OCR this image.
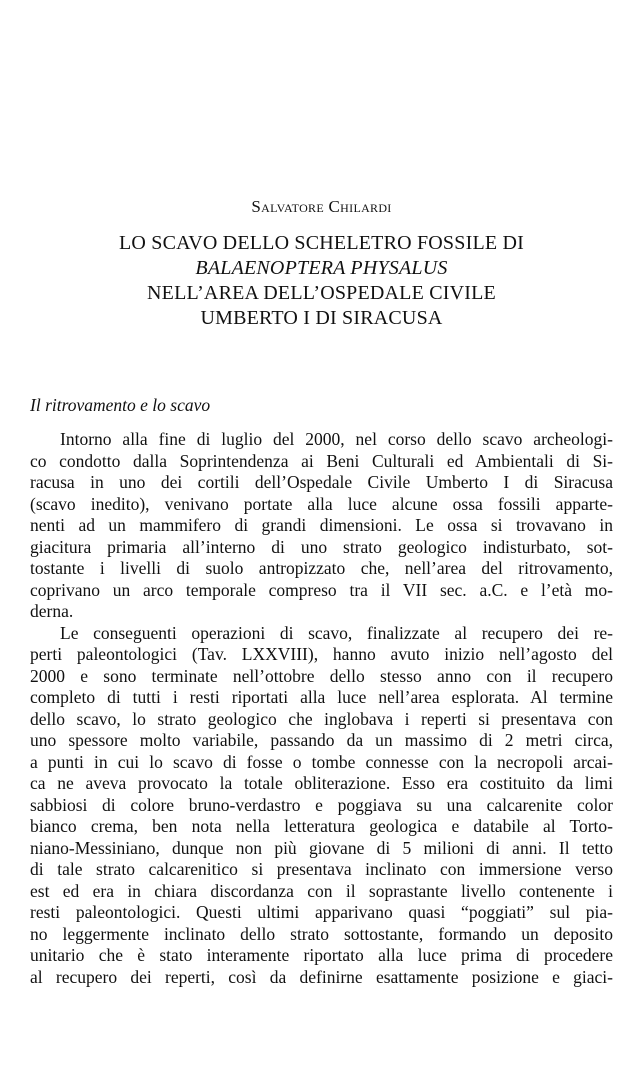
Salvatore Chilardi
LO SCAVO DELLO SCHELETRO FOSSILE DI
BALAENOPTERA PHYSALUS
NELL’AREA DELL’OSPEDALE CIVILE
UMBERTO I DI SIRACUSA
Il ritrovamento e lo scavo
Intorno alla fine di luglio del 2000, nel corso dello scavo archeologi-
co condotto dalla Soprintendenza ai Beni Culturali ed Ambientali di Si-
racusa in uno dei cortili dell’Ospedale Civile Umberto I di Siracusa
(scavo inedito), venivano portate alla luce alcune ossa fossili apparte-
nenti ad un mammifero di grandi dimensioni. Le ossa si trovavano in
giacitura primaria all’interno di uno strato geologico indisturbato, sot-
tostante i livelli di suolo antropizzato che, nell’area del ritrovamento,
coprivano un arco temporale compreso tra il VII sec. a.C. e l’età mo-
derna.
Le conseguenti operazioni di scavo, finalizzate al recupero dei re-
perti paleontologici (Tav. LXXVIII), hanno avuto inizio nell’agosto del
2000 e sono terminate nell’ottobre dello stesso anno con il recupero
completo di tutti i resti riportati alla luce nell’area esplorata. Al termine
dello scavo, lo strato geologico che inglobava i reperti si presentava con
uno spessore molto variabile, passando da un massimo di 2 metri circa,
a punti in cui lo scavo di fosse o tombe connesse con la necropoli arcai-
ca ne aveva provocato la totale obliterazione. Esso era costituito da limi
sabbiosi di colore bruno-verdastro e poggiava su una calcarenite color
bianco crema, ben nota nella letteratura geologica e databile al Torto-
niano-Messiniano, dunque non più giovane di 5 milioni di anni. Il tetto
di tale strato calcarenitico si presentava inclinato con immersione verso
est ed era in chiara discordanza con il soprastante livello contenente i
resti paleontologici. Questi ultimi apparivano quasi “poggiati” sul pia-
no leggermente inclinato dello strato sottostante, formando un deposito
unitario che è stato interamente riportato alla luce prima di procedere
al recupero dei reperti, così da definirne esattamente posizione e giaci-
